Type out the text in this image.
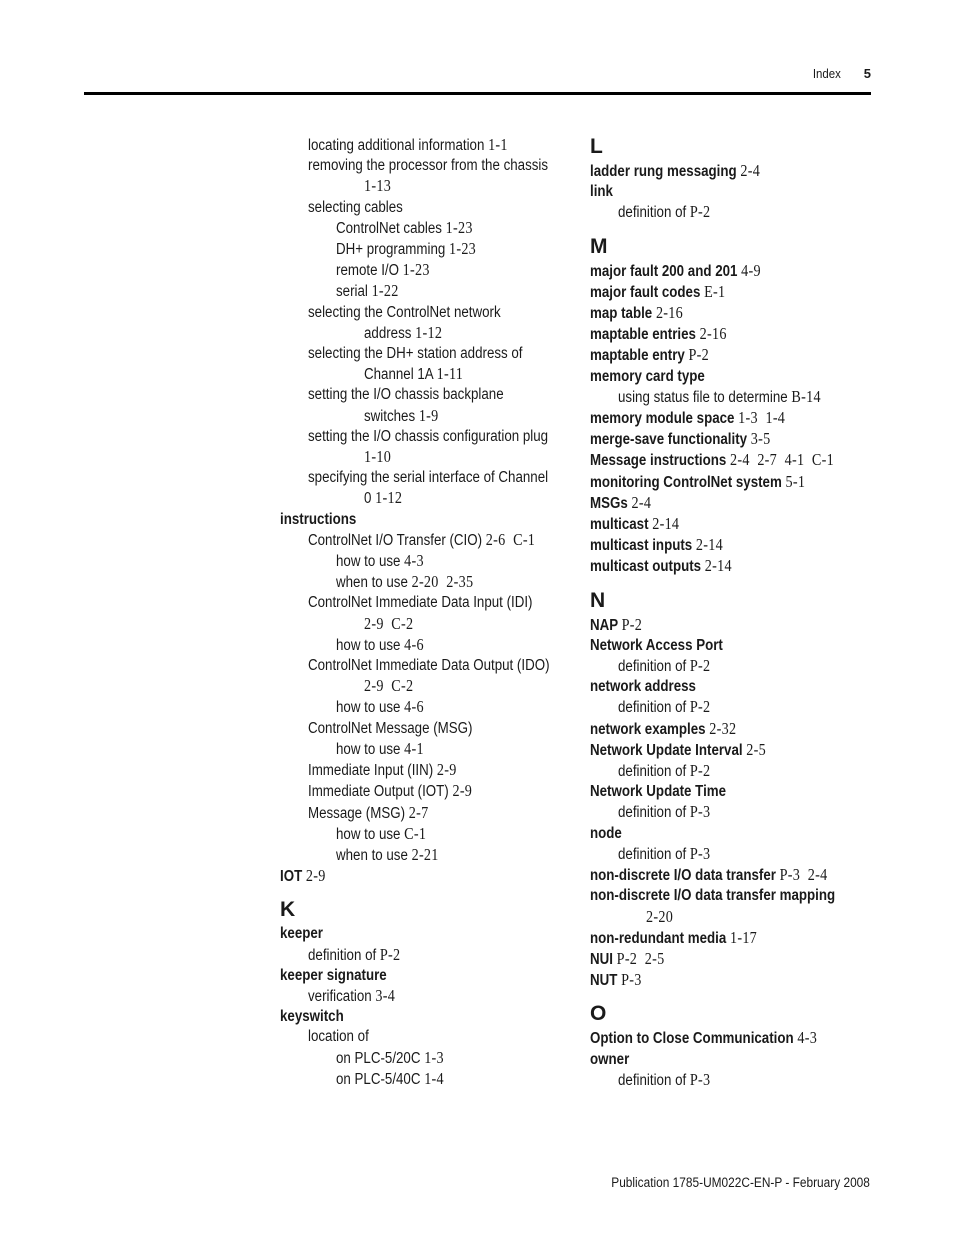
Index 5
locating additional information 1-1
removing the processor from the chassis
1-13
selecting cables
ControlNet cables 1-23
DH+ programming 1-23
remote I/O 1-23
serial 1-22
selecting the ControlNet network
address 1-12
selecting the DH+ station address of
Channel 1A 1-11
setting the I/O chassis backplane
switches 1-9
setting the I/O chassis configuration plug
1-10
specifying the serial interface of Channel
0 1-12
instructions
ControlNet I/O Transfer (CIO) 2-6  C-1
how to use 4-3
when to use 2-20  2-35
ControlNet Immediate Data Input (IDI)
2-9  C-2
how to use 4-6
ControlNet Immediate Data Output (IDO)
2-9  C-2
how to use 4-6
ControlNet Message (MSG)
how to use 4-1
Immediate Input (IIN) 2-9
Immediate Output (IOT) 2-9
Message (MSG) 2-7
how to use C-1
when to use 2-21
IOT 2-9
K
keeper
definition of P-2
keeper signature
verification 3-4
keyswitch
location of
on PLC-5/20C 1-3
on PLC-5/40C 1-4
L
ladder rung messaging 2-4
link
definition of P-2
M
major fault 200 and 201 4-9
major fault codes E-1
map table 2-16
maptable entries 2-16
maptable entry P-2
memory card type
using status file to determine B-14
memory module space 1-3  1-4
merge-save functionality 3-5
Message instructions 2-4  2-7  4-1  C-1
monitoring ControlNet system 5-1
MSGs 2-4
multicast 2-14
multicast inputs 2-14
multicast outputs 2-14
N
NAP P-2
Network Access Port
definition of P-2
network address
definition of P-2
network examples 2-32
Network Update Interval 2-5
definition of P-2
Network Update Time
definition of P-3
node
definition of P-3
non-discrete I/O data transfer P-3  2-4
non-discrete I/O data transfer mapping
2-20
non-redundant media 1-17
NUI P-2  2-5
NUT P-3
O
Option to Close Communication 4-3
owner
definition of P-3
Publication 1785-UM022C-EN-P - February 2008
